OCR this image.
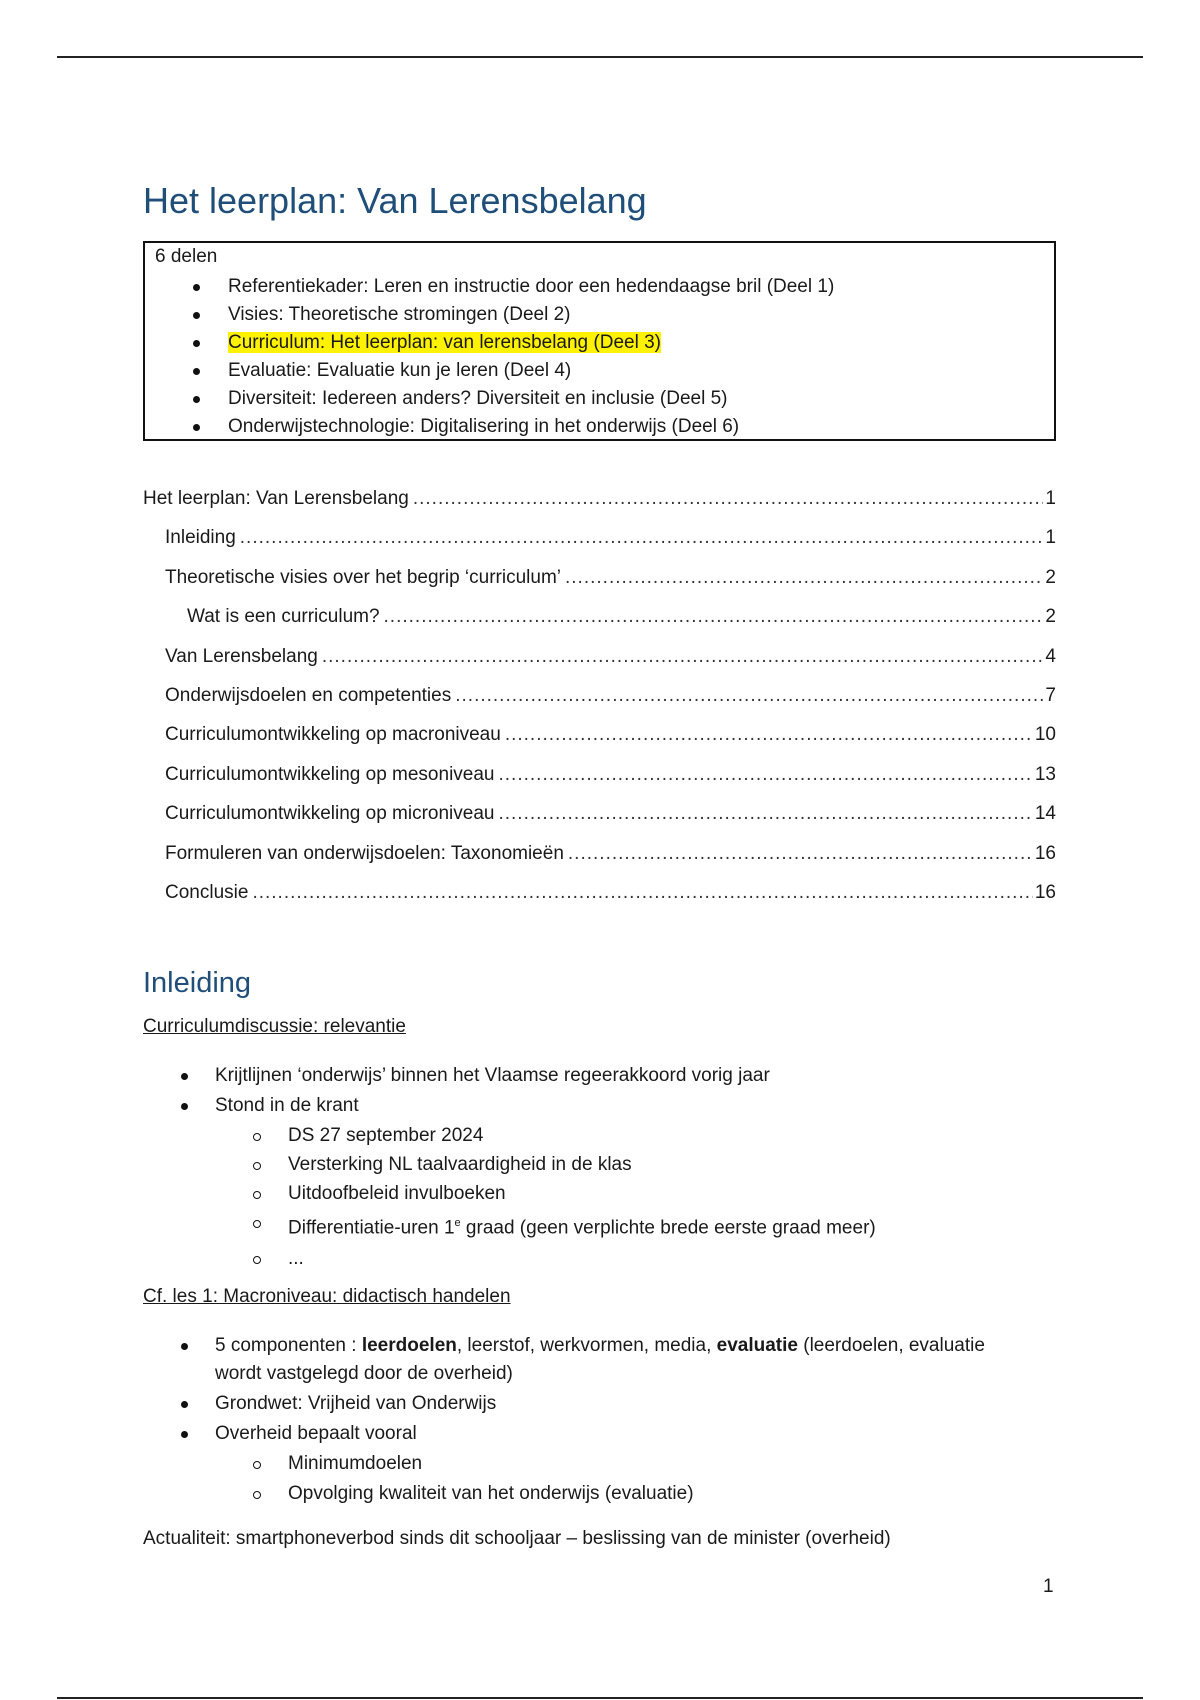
Het leerplan: Van Lerensbelang
6 delen
Referentiekader: Leren en instructie door een hedendaagse bril (Deel 1)
Visies: Theoretische stromingen (Deel 2)
Curriculum: Het leerplan: van lerensbelang (Deel 3)
Evaluatie: Evaluatie kun je leren (Deel 4)
Diversiteit: Iedereen anders? Diversiteit en inclusie (Deel 5)
Onderwijstechnologie: Digitalisering in het onderwijs (Deel 6)
Het leerplan: Van Lerensbelang .....	1
Inleiding .....	1
Theoretische visies over het begrip ‘curriculum’ .....	2
Wat is een curriculum? .....	2
Van Lerensbelang .....	4
Onderwijsdoelen en competenties .....	7
Curriculumontwikkeling op macroniveau .....	10
Curriculumontwikkeling op mesoniveau .....	13
Curriculumontwikkeling op microniveau .....	14
Formuleren van onderwijsdoelen: Taxonomieën .....	16
Conclusie .....	16
Inleiding
Curriculumdiscussie: relevantie
Krijtlijnen ‘onderwijs’ binnen het Vlaamse regeerakkoord vorig jaar
Stond in de krant
DS 27 september 2024
Versterking NL taalvaardigheid in de klas
Uitdoofbeleid invulboeken
Differentiatie-uren 1e graad (geen verplichte brede eerste graad meer)
...
Cf. les 1: Macroniveau: didactisch handelen
5 componenten : leerdoelen, leerstof, werkvormen, media, evaluatie (leerdoelen, evaluatie wordt vastgelegd door de overheid)
Grondwet: Vrijheid van Onderwijs
Overheid bepaalt vooral
Minimumdoelen
Opvolging kwaliteit van het onderwijs (evaluatie)
Actualiteit: smartphoneverbod sinds dit schooljaar – beslissing van de minister (overheid)
1
